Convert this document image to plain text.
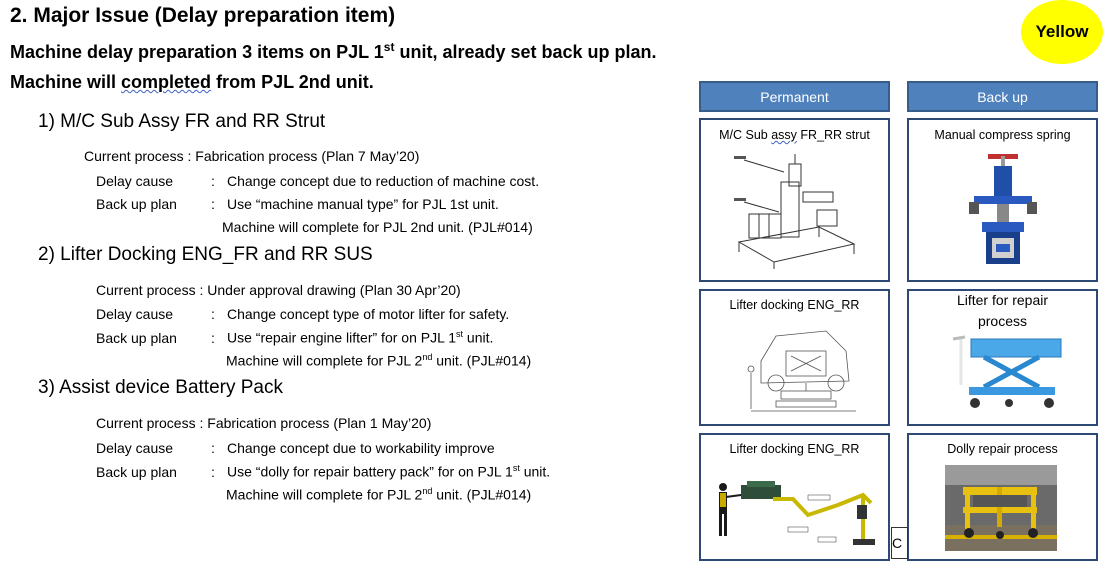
2. Major Issue (Delay preparation item)
Machine delay preparation 3 items on PJL 1st unit, already set back up plan.
Machine will completed from PJL 2nd unit.
Yellow
1) M/C Sub Assy FR and RR Strut
Current process : Fabrication process (Plan 7 May’20)
Delay cause	: Change concept due to reduction of machine cost.
Back up plan : Use “machine manual type” for PJL 1st unit.
Machine will complete for PJL 2nd unit. (PJL#014)
2) Lifter Docking ENG_FR and RR SUS
Current process : Under approval drawing (Plan 30 Apr’20)
Delay cause	: Change concept type of motor lifter for safety.
Back up plan : Use “repair engine lifter” for on PJL 1st unit.
Machine will complete for PJL 2nd unit. (PJL#014)
3) Assist device Battery Pack
Current process : Fabrication process (Plan 1 May’20)
Delay cause	: Change concept due to workability improve
Back up plan : Use “dolly for repair battery pack” for on PJL 1st unit.
Machine will complete for PJL 2nd unit. (PJL#014)
Permanent	Back up
M/C Sub assy FR_RR strut
Lifter docking ENG_RR
Lifter docking ENG_RR
Manual compress spring
Lifter for repair process
Dolly repair process
C
